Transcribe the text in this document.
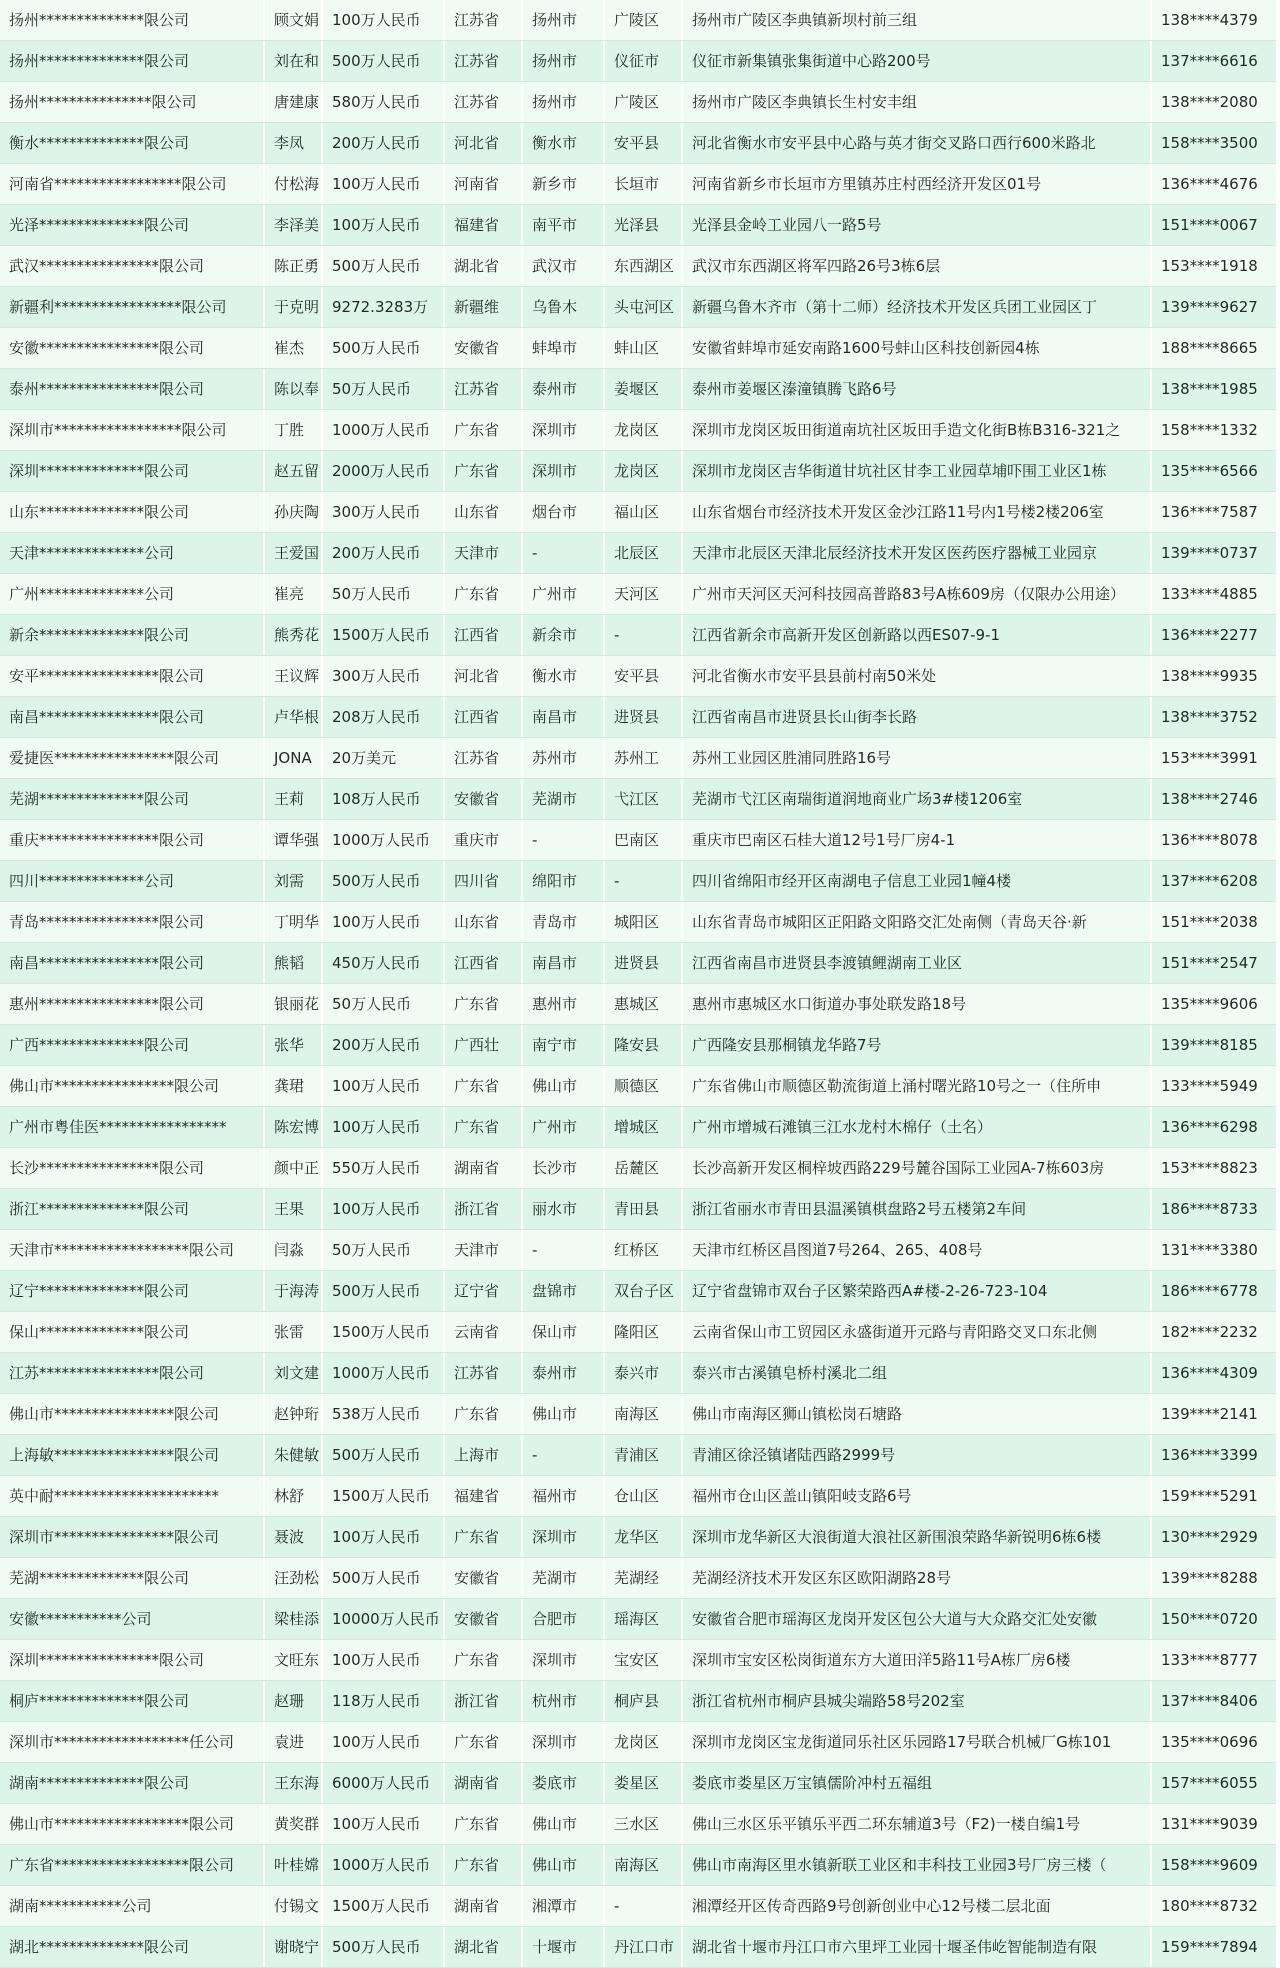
扬州**************限公司	顾文娟 100万人民币	江苏省	扬州市	广陵区	扬州市广陵区李典镇新坝村前三组	138****4379
扬州**************限公司	刘在和 500万人民币	江苏省	扬州市	仪征市	仪征市新集镇张集街道中心路200号	137****6616
扬州***************限公司	唐建康 580万人民币	江苏省	扬州市	广陵区	扬州市广陵区李典镇长生村安丰组	138****2080
衡水**************限公司	李凤	200万人民币	河北省	衡水市	安平县	河北省衡水市安平县中心路与英才街交叉路口西行600米路北	158****3500
河南省*****************限公司	付松海 100万人民币	河南省	新乡市	长垣市	河南省新乡市长垣市方里镇苏庄村西经济开发区01号	136****4676
光泽**************限公司	李泽美 100万人民币	福建省	南平市	光泽县	光泽县金岭工业园八一路5号	151****0067
武汉****************限公司	陈正勇 500万人民币	湖北省	武汉市	东西湖区	武汉市东西湖区将军四路26号3栋6层	153****1918
新疆利*****************限公司	于克明 9272.3283万	新疆维	乌鲁木	头屯河区	新疆乌鲁木齐市（第十二师）经济技术开发区兵团工业园区丁	139****9627
安徽****************限公司	崔杰	500万人民币	安徽省	蚌埠市	蚌山区	安徽省蚌埠市延安南路1600号蚌山区科技创新园4栋	188****8665
泰州****************限公司	陈以奉 50万人民币	江苏省	泰州市	姜堰区	泰州市姜堰区溱潼镇腾飞路6号	138****1985
深圳市*****************限公司	丁胜	1000万人民币	广东省	深圳市	龙岗区	深圳市龙岗区坂田街道南坑社区坂田手造文化街B栋B316-321之	158****1332
深圳**************限公司	赵五留 2000万人民币	广东省	深圳市	龙岗区	深圳市龙岗区吉华街道甘坑社区甘李工业园草埔吓围工业区1栋	135****6566
山东**************限公司	孙庆陶 300万人民币	山东省	烟台市	福山区	山东省烟台市经济技术开发区金沙江路11号内1号楼2楼206室	136****7587
天津**************公司	王爱国 200万人民币	天津市	-	北辰区	天津市北辰区天津北辰经济技术开发区医药医疗器械工业园京	139****0737
广州**************公司	崔亮	50万人民币	广东省	广州市	天河区	广州市天河区天河科技园高普路83号A栋609房（仅限办公用途）	133****4885
新余**************限公司	熊秀花 1500万人民币	江西省	新余市	-	江西省新余市高新开发区创新路以西ES07-9-1	136****2277
安平****************限公司	王议辉 300万人民币	河北省	衡水市	安平县	河北省衡水市安平县县前村南50米处	138****9935
南昌****************限公司	卢华根 208万人民币	江西省	南昌市	进贤县	江西省南昌市进贤县长山街李长路	138****3752
爱捷医****************限公司	JONA	20万美元	江苏省	苏州市	苏州工	苏州工业园区胜浦同胜路16号	153****3991
芜湖**************限公司	王莉	108万人民币	安徽省	芜湖市	弋江区	芜湖市弋江区南瑞街道润地商业广场3#楼1206室	138****2746
重庆****************限公司	谭华强 1000万人民币	重庆市	-	巴南区	重庆市巴南区石桂大道12号1号厂房4-1	136****8078
四川**************公司	刘需	500万人民币	四川省	绵阳市	-	四川省绵阳市经开区南湖电子信息工业园1幢4楼	137****6208
青岛****************限公司	丁明华 100万人民币	山东省	青岛市	城阳区	山东省青岛市城阳区正阳路文阳路交汇处南侧（青岛天谷·新	151****2038
南昌****************限公司	熊韬	450万人民币	江西省	南昌市	进贤县	江西省南昌市进贤县李渡镇鲤湖南工业区	151****2547
惠州****************限公司	银丽花 50万人民币	广东省	惠州市	惠城区	惠州市惠城区水口街道办事处联发路18号	135****9606
广西**************限公司	张华	200万人民币	广西壮	南宁市	隆安县	广西隆安县那桐镇龙华路7号	139****8185
佛山市****************限公司	龚珺	100万人民币	广东省	佛山市	顺德区	广东省佛山市顺德区勒流街道上涌村曙光路10号之一（住所申	133****5949
广州市粤佳医*****************	陈宏博 100万人民币	广东省	广州市	增城区	广州市增城石滩镇三江水龙村木棉仔（土名）	136****6298
长沙****************限公司	颜中正 550万人民币	湖南省	长沙市	岳麓区	长沙高新开发区桐梓坡西路229号麓谷国际工业园A-7栋603房	153****8823
浙江**************限公司	王果	100万人民币	浙江省	丽水市	青田县	浙江省丽水市青田县温溪镇棋盘路2号五楼第2车间	186****8733
天津市******************限公司	闫淼	50万人民币	天津市	-	红桥区	天津市红桥区昌图道7号264、265、408号	131****3380
辽宁**************限公司	于海涛 500万人民币	辽宁省	盘锦市	双台子区	辽宁省盘锦市双台子区繁荣路西A#楼-2-26-723-104	186****6778
保山**************限公司	张雷	1500万人民币	云南省	保山市	隆阳区	云南省保山市工贸园区永盛街道开元路与青阳路交叉口东北侧	182****2232
江苏****************限公司	刘文建 1000万人民币	江苏省	泰州市	泰兴市	泰兴市古溪镇皂桥村溪北二组	136****4309
佛山市****************限公司	赵钟珩 538万人民币	广东省	佛山市	南海区	佛山市南海区狮山镇松岗石塘路	139****2141
上海敏****************限公司	朱健敏 500万人民币	上海市	-	青浦区	青浦区徐泾镇诸陆西路2999号	136****3399
英中耐**********************	林舒	1500万人民币	福建省	福州市	仓山区	福州市仓山区盖山镇阳岐支路6号	159****5291
深圳市****************限公司	聂波	100万人民币	广东省	深圳市	龙华区	深圳市龙华新区大浪街道大浪社区新围浪荣路华新锐明6栋6楼	130****2929
芜湖**************限公司	汪劲松 500万人民币	安徽省	芜湖市	芜湖经	芜湖经济技术开发区东区欧阳湖路28号	139****8288
安徽***********公司	梁桂添 10000万人民币 安徽省	合肥市	瑶海区	安徽省合肥市瑶海区龙岗开发区包公大道与大众路交汇处安徽	150****0720
深圳****************限公司	文旺东 100万人民币	广东省	深圳市	宝安区	深圳市宝安区松岗街道东方大道田洋5路11号A栋厂房6楼	133****8777
桐庐**************限公司	赵珊	118万人民币	浙江省	杭州市	桐庐县	浙江省杭州市桐庐县城尖端路58号202室	137****8406
深圳市******************任公司	袁进	100万人民币	广东省	深圳市	龙岗区	深圳市龙岗区宝龙街道同乐社区乐园路17号联合机械厂G栋101	135****0696
湖南**************限公司	王东海 6000万人民币	湖南省	娄底市	娄星区	娄底市娄星区万宝镇儒阶冲村五福组	157****6055
佛山市******************限公司	黄奖群 100万人民币	广东省	佛山市	三水区	佛山三水区乐平镇乐平西二环东辅道3号（F2)一楼自编1号	131****9039
广东省******************限公司	叶桂嫦 1000万人民币	广东省	佛山市	南海区	佛山市南海区里水镇新联工业区和丰科技工业园3号厂房三楼（	158****9609
湖南***********公司	付锡文 1500万人民币	湖南省	湘潭市	-	湘潭经开区传奇西路9号创新创业中心12号楼二层北面	180****8732
湖北**************限公司	谢晓宁 500万人民币	湖北省	十堰市	丹江口市	湖北省十堰市丹江口市六里坪工业园十堰圣伟屹智能制造有限	159****7894
